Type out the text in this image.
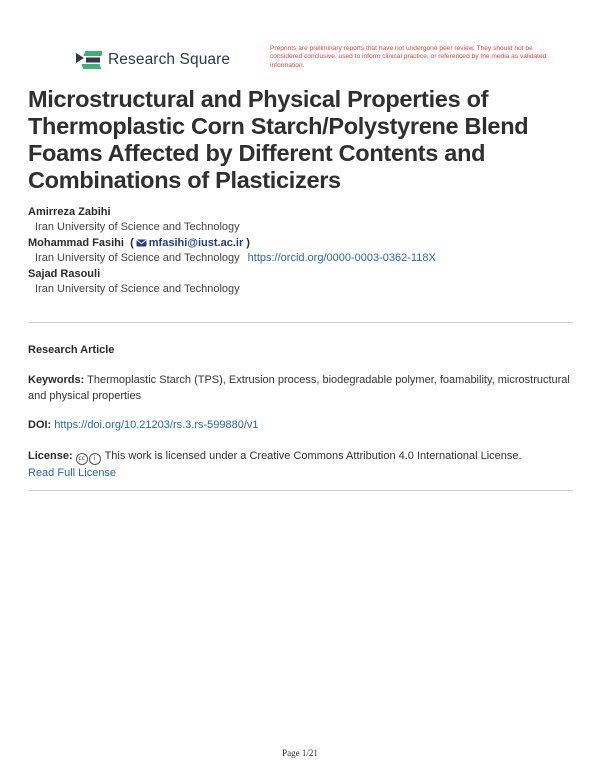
Research Square
Preprints are preliminary reports that have not undergone peer review. They should not be considered conclusive, used to inform clinical practice, or referenced by the media as validated information.
Microstructural and Physical Properties of Thermoplastic Corn Starch/Polystyrene Blend Foams Affected by Different Contents and Combinations of Plasticizers
Amirreza Zabihi
Iran University of Science and Technology
Mohammad Fasihi  ( mfasihi@iust.ac.ir )
Iran University of Science and Technology https://orcid.org/0000-0003-0362-118X
Sajad Rasouli
Iran University of Science and Technology
Research Article
Keywords: Thermoplastic Starch (TPS), Extrusion process, biodegradable polymer, foamability, microstructural and physical properties
DOI: https://doi.org/10.21203/rs.3.rs-599880/v1
License: cc i This work is licensed under a Creative Commons Attribution 4.0 International License.
Read Full License
Page 1/21
